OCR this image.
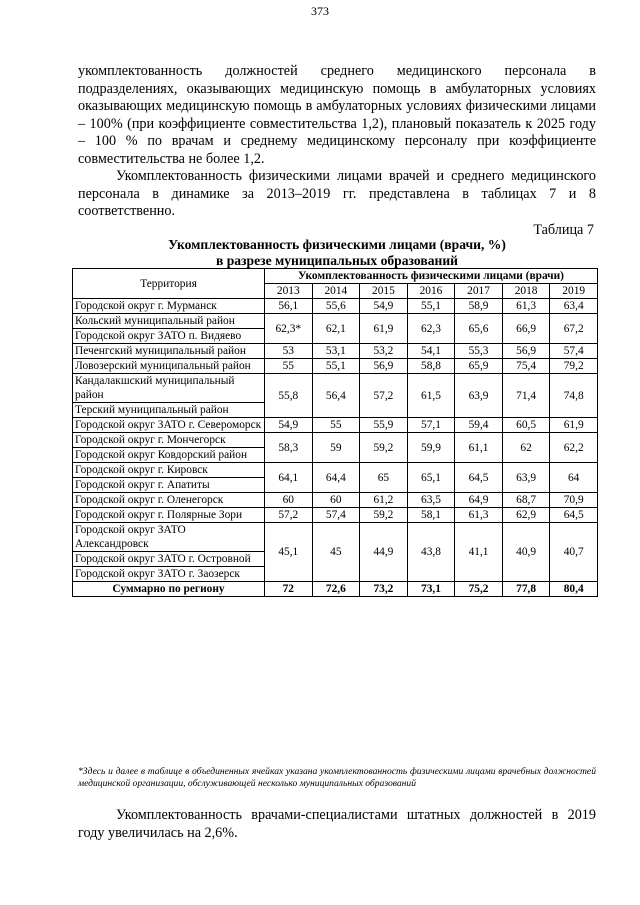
373

укомплектованность должностей среднего медицинского персонала в подразделениях, оказывающих медицинскую помощь в амбулаторных условиях оказывающих медицинскую помощь в амбулаторных условиях физическими лицами – 100% (при коэффициенте совместительства 1,2), плановый показатель к 2025 году – 100 % по врачам и среднему медицинскому персоналу при коэффициенте совместительства не более 1,2.

Укомплектованность физическими лицами врачей и среднего медицинского персонала в динамике за 2013–2019 гг. представлена в таблицах 7 и 8 соответственно.

Таблица 7
Укомплектованность физическими лицами (врачи, %)
в разрезе муниципальных образований
Территория	Укомплектованность физическими лицами (врачи)						
	2013	2014	2015	2016	2017	2018	2019
Городской округ г. Мурманск	56,1	55,6	54,9	55,1	58,9	61,3	63,4
Кольский муниципальный район	62,3*	62,1	61,9	62,3	65,6	66,9	67,2
Городской округ ЗАТО п. Видяево							
Печенгский муниципальный район	53	53,1	53,2	54,1	55,3	56,9	57,4
Ловозерский муниципальный район	55	55,1	56,9	58,8	65,9	75,4	79,2
Кандалакшский муниципальный район	55,8	56,4	57,2	61,5	63,9	71,4	74,8
Терский муниципальный район							
Городской округ ЗАТО г. Североморск	54,9	55	55,9	57,1	59,4	60,5	61,9
Городской округ г. Мончегорск	58,3	59	59,2	59,9	61,1	62	62,2
Городской округ Ковдорский район							
Городской округ г. Кировск	64,1	64,4	65	65,1	64,5	63,9	64
Городской округ г. Апатиты							
Городской округ г. Оленегорск	60	60	61,2	63,5	64,9	68,7	70,9
Городской округ г. Полярные Зори	57,2	57,4	59,2	58,1	61,3	62,9	64,5
Городской округ ЗАТО Александровск	45,1	45	44,9	43,8	41,1	40,9	40,7
Городской округ ЗАТО г. Островной							
Городской округ ЗАТО г. Заозерск							
Суммарно по региону	72	72,6	73,2	73,1	75,2	77,8	80,4

*Здесь и далее в таблице в объединенных ячейках указана укомплектованность физическими лицами врачебных должностей медицинской организации, обслуживающей несколько муниципальных образований

Укомплектованность врачами-специалистами штатных должностей в 2019 году увеличилась на 2,6%.
